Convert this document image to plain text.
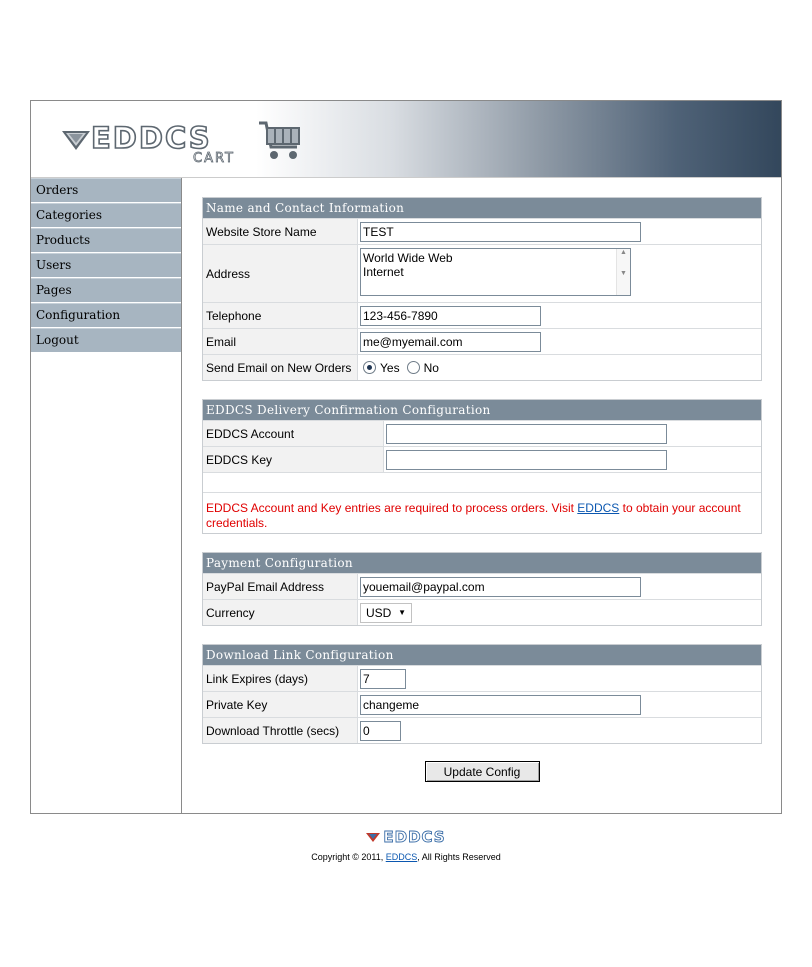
EDDCS
CART
Orders
Categories
Products
Users
Pages
Configuration
Logout
Name and Contact Information
Website Store Name
TEST
Address
World Wide Web Internet
▲

▼
Telephone
123-456-7890
Email
me@myemail.com
Send Email on New Orders	Yes No
EDDCS Delivery Confirmation Configuration
EDDCS Account
EDDCS Key
EDDCS Account and Key entries are required to process orders. Visit EDDCS to obtain your account credentials.
Payment Configuration
PayPal Email Address
youemail@paypal.com
Currency	USD ▼
Download Link Configuration
Link Expires (days)
7
Private Key
changeme
Download Throttle (secs)
0
Update Config
EDDCS
Copyright © 2011, EDDCS, All Rights Reserved
